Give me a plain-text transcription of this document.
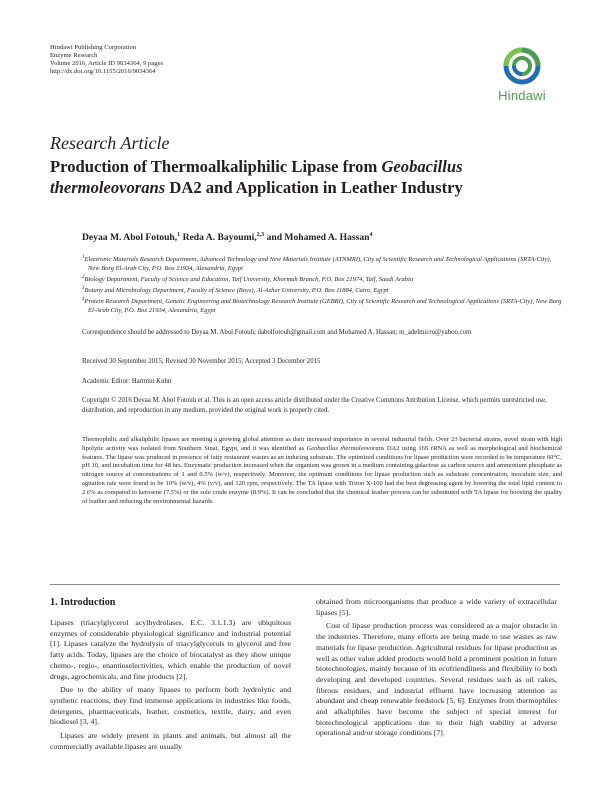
Hindawi Publishing Corporation
Enzyme Research
Volume 2016, Article ID 9034364, 9 pages
http://dx.doi.org/10.1155/2016/9034364
Hindawi
Research Article
Production of Thermoalkaliphilic Lipase from Geobacillus thermoleovorans DA2 and Application in Leather Industry
Deyaa M. Abol Fotouh,$^1$ Reda A. Bayoumi,$^{2,3}$ and Mohamed A. Hassan$^4$
$^1$Electronic Materials Research Department, Advanced Technology and New Materials Institute (ATNMRI), City of Scientific Research and Technological Applications (SRTA-City), New Borg El-Arab City, P.O. Box 21934, Alexandria, Egypt
$^2$Biology Department, Faculty of Science and Education, Taif University, Khormah Branch, P.O. Box 21974, Taif, Saudi Arabia
$^3$Botany and Microbiology Department, Faculty of Science (Boys), Al-Azhar University, P.O. Box 11884, Cairo, Egypt
$^4$Protein Research Department, Genetic Engineering and Biotechnology Research Institute (GEBRI), City of Scientific Research and Technological Applications (SRTA-City), New Borg El-Arab City, P.O. Box 21934, Alexandria, Egypt
Correspondence should be addressed to Deyaa M. Abol Fotouh; dabolfotouh@gmail.com and Mohamed A. Hassan; m_adelmicro@yahoo.com
Received 30 September 2015; Revised 30 November 2015; Accepted 3 December 2015
Academic Editor: Hartmut Kuhn
Copyright © 2016 Deyaa M. Abol Fotouh et al. This is an open access article distributed under the Creative Commons Attribution License, which permits unrestricted use, distribution, and reproduction in any medium, provided the original work is properly cited.

Thermophilic and alkaliphilic lipases are meeting a growing global attention as their increased importance in several industrial fields. Over 23 bacterial strains, novel strain with high lipolytic activity was isolated from Southern Sinai, Egypt, and it was identified as Geobacillus thermoleovorans DA2 using 16S rRNA as well as morphological and biochemical features. The lipase was produced in presence of fatty restaurant wastes as an inducing substrate. The optimized conditions for lipase production were recorded to be temperature 60°C, pH 10, and incubation time for 48 hrs. Enzymatic production increased when the organism was grown in a medium containing galactose as carbon source and ammonium phosphate as nitrogen source at concentrations of 1 and 0.5% (w/v), respectively. Moreover, the optimum conditions for lipase production such as substrate concentration, inoculum size, and agitation rate were found to be 10% (w/v), 4% (v/v), and 120 rpm, respectively. The TA lipase with Triton X-100 had the best degreasing agent by lowering the total lipid content to 2.6% as compared to kerosene (7.5%) or the sole crude enzyme (8.9%). It can be concluded that the chemical leather process can be substituted with TA lipase for boosting the quality of leather and reducing the environmental hazards.

1. Introduction

Lipases (triacylglycerol acylhydrolases, E.C. 3.1.1.3) are ubiquitous enzymes of considerable physiological significance and industrial potential [1]. Lipases catalyze the hydrolysis of triacylglycerols to glycerol and free fatty acids. Today, lipases are the choice of biocatalyst as they show unique chemo-, regio-, enantioselectivities, which enable the production of novel drugs, agrochemicals, and fine products [2].

Due to the ability of many lipases to perform both hydrolytic and synthetic reactions, they find immense applications in industries like foods, detergents, pharmaceuticals, leather, cosmetics, textile, dairy, and even biodiesel [3, 4].

Lipases are widely present in plants and animals, but almost all the commercially available lipases are usually

obtained from microorganisms that produce a wide variety of extracellular lipases [5].

Cost of lipase production process was considered as a major obstacle in the industries. Therefore, many efforts are being made to use wastes as raw materials for lipase production. Agricultural residues for lipase production as well as other value added products would hold a prominent position in future biotechnologies, mainly because of its ecofriendliness and flexibility to both developing and developed countries. Several residues such as oil cakes, fibrous residues, and industrial effluent have increasing attention as abundant and cheap renewable feedstock [5, 6]. Enzymes from thermophiles and alkaliphiles have become the subject of special interest for biotechnological applications due to their high stability at adverse operational and/or storage conditions [7].
